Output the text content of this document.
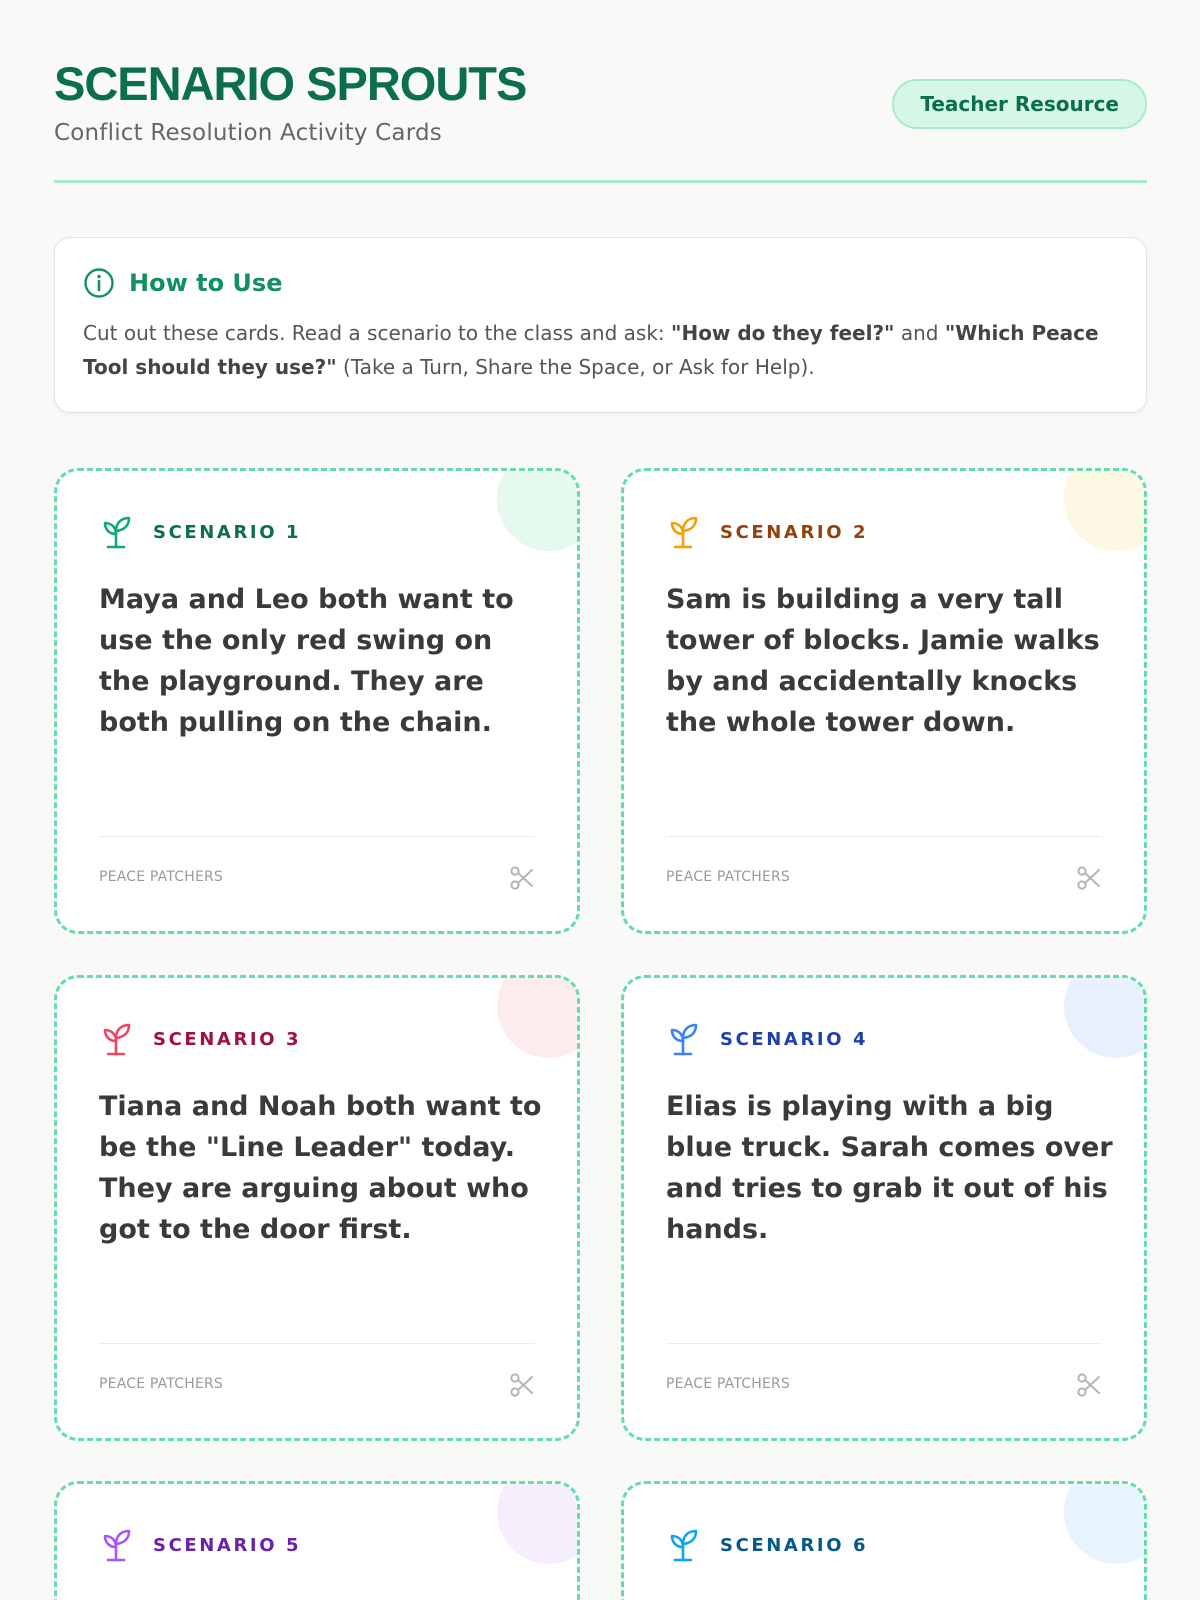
SCENARIO SPROUTS
Conflict Resolution Activity Cards
Teacher Resource
How to Use

Cut out these cards. Read a scenario to the class and ask: "How do they feel?" and "Which Peace Tool should they use?" (Take a Turn, Share the Space, or Ask for Help).

SCENARIO 1
Maya and Leo both want to use the only red swing on the playground. They are both pulling on the chain.
PEACE PATCHERS
SCENARIO 2
Sam is building a very tall tower of blocks. Jamie walks by and accidentally knocks the whole tower down.
PEACE PATCHERS
SCENARIO 3
Tiana and Noah both want to be the "Line Leader" today. They are arguing about who got to the door first.
PEACE PATCHERS
SCENARIO 4
Elias is playing with a big blue truck. Sarah comes over and tries to grab it out of his hands.
PEACE PATCHERS
SCENARIO 5	SCENARIO 6
